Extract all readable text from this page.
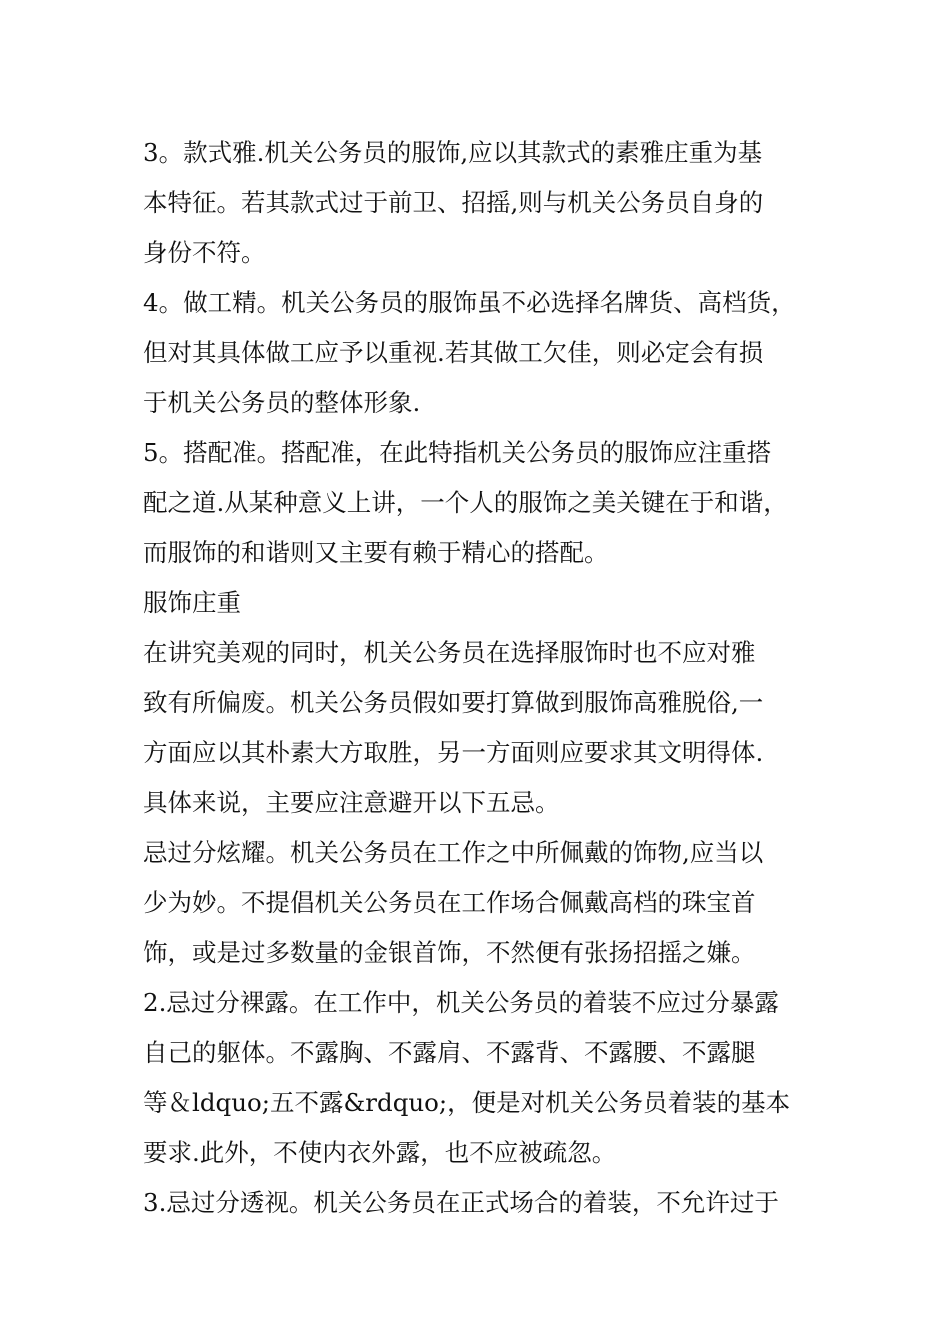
3。款式雅.机关公务员的服饰,应以其款式的素雅庄重为基
本特征。若其款式过于前卫、招摇,则与机关公务员自身的
身份不符。
4。做工精。机关公务员的服饰虽不必选择名牌货、高档货，
但对其具体做工应予以重视.若其做工欠佳，则必定会有损
于机关公务员的整体形象.
5。搭配准。搭配准，在此特指机关公务员的服饰应注重搭
配之道.从某种意义上讲，一个人的服饰之美关键在于和谐，
而服饰的和谐则又主要有赖于精心的搭配。
服饰庄重
在讲究美观的同时，机关公务员在选择服饰时也不应对雅
致有所偏废。机关公务员假如要打算做到服饰高雅脱俗,一
方面应以其朴素大方取胜，另一方面则应要求其文明得体.
具体来说，主要应注意避开以下五忌。
忌过分炫耀。机关公务员在工作之中所佩戴的饰物,应当以
少为妙。不提倡机关公务员在工作场合佩戴高档的珠宝首
饰，或是过多数量的金银首饰，不然便有张扬招摇之嫌。
2.忌过分裸露。在工作中，机关公务员的着装不应过分暴露
自己的躯体。不露胸、不露肩、不露背、不露腰、不露腿
等＆ldquo;五不露&rdquo;，便是对机关公务员着装的基本
要求.此外，不使内衣外露，也不应被疏忽。
3.忌过分透视。机关公务员在正式场合的着装，不允许过于
